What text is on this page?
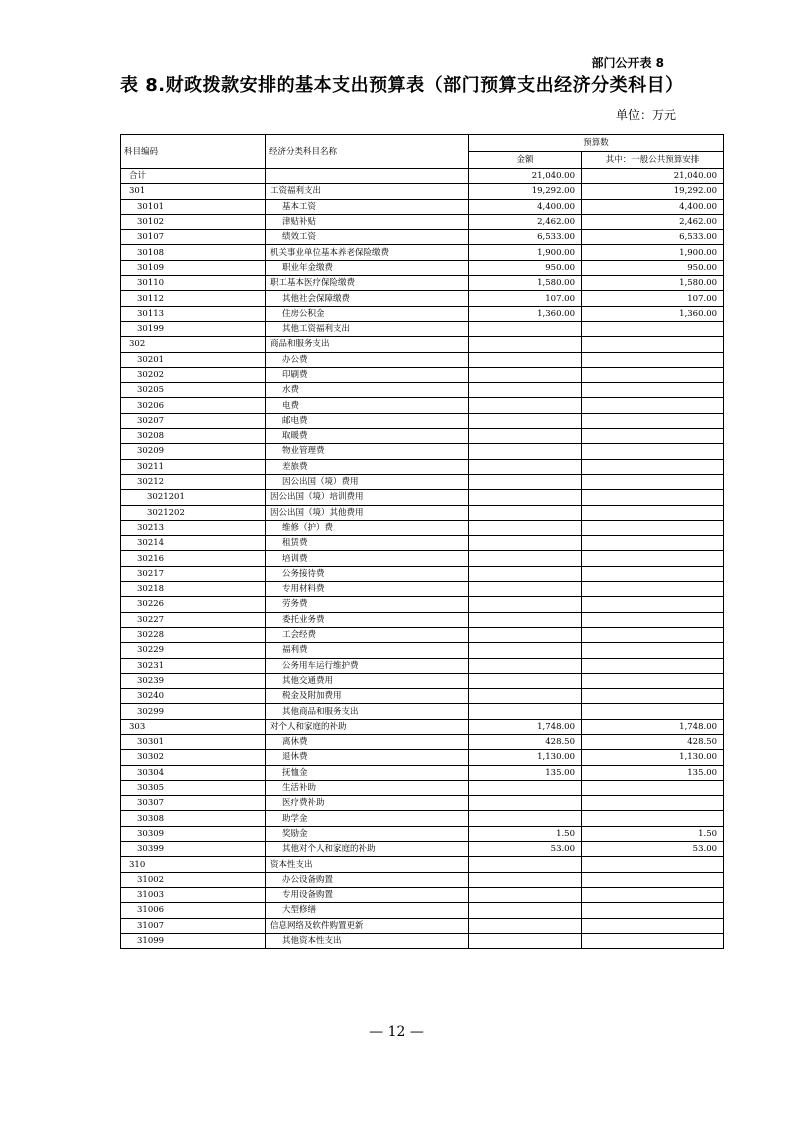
部门公开表 8
表 8.财政拨款安排的基本支出预算表（部门预算支出经济分类科目）
单位：万元
科目编码	经济分类科目名称	预算数	
		金额	其中：一般公共预算安排
合计		21,040.00	21,040.00
301	工资福利支出	19,292.00	19,292.00
30101	基本工资	4,400.00	4,400.00
30102	津贴补贴	2,462.00	2,462.00
30107	绩效工资	6,533.00	6,533.00
30108	机关事业单位基本养老保险缴费	1,900.00	1,900.00
30109	职业年金缴费	950.00	950.00
30110	职工基本医疗保险缴费	1,580.00	1,580.00
30112	其他社会保障缴费	107.00	107.00
30113	住房公积金	1,360.00	1,360.00
30199	其他工资福利支出		
302	商品和服务支出		
30201	办公费		
30202	印刷费		
30205	水费		
30206	电费		
30207	邮电费		
30208	取暖费		
30209	物业管理费		
30211	差旅费		
30212	因公出国（境）费用		
3021201	因公出国（境）培训费用		
3021202	因公出国（境）其他费用		
30213	维修（护）费		
30214	租赁费		
30216	培训费		
30217	公务接待费		
30218	专用材料费		
30226	劳务费		
30227	委托业务费		
30228	工会经费		
30229	福利费		
30231	公务用车运行维护费		
30239	其他交通费用		
30240	税金及附加费用		
30299	其他商品和服务支出		
303	对个人和家庭的补助	1,748.00	1,748.00
30301	离休费	428.50	428.50
30302	退休费	1,130.00	1,130.00
30304	抚恤金	135.00	135.00
30305	生活补助		
30307	医疗费补助		
30308	助学金		
30309	奖励金	1.50	1.50
30399	其他对个人和家庭的补助	53.00	53.00
310	资本性支出		
31002	办公设备购置		
31003	专用设备购置		
31006	大型修缮		
31007	信息网络及软件购置更新		
31099	其他资本性支出		
— 12 —
